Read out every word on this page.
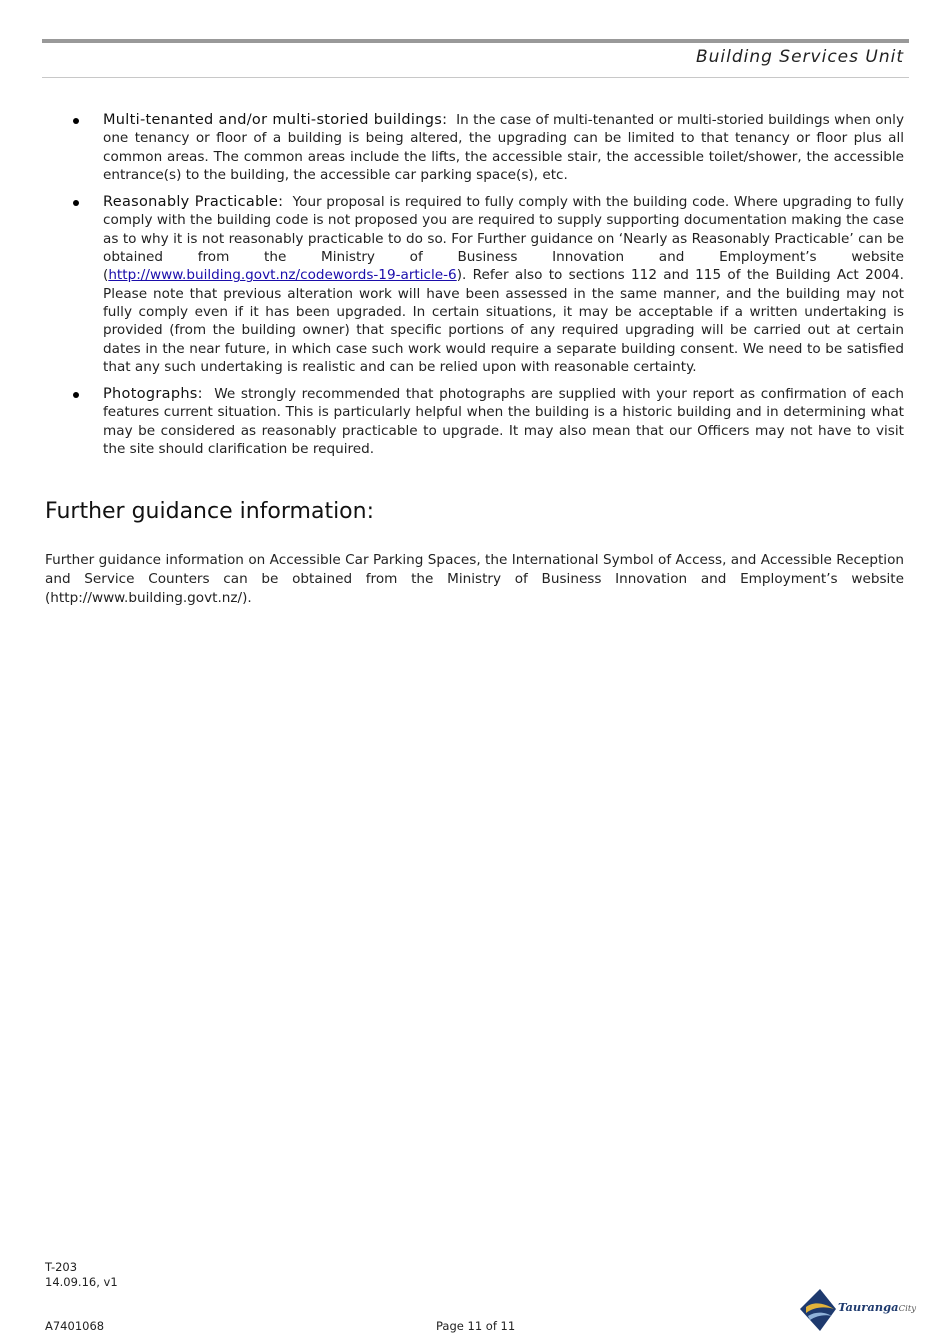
Building Services Unit
Multi-tenanted and/or multi-storied buildings: In the case of multi-tenanted or multi-storied buildings when only one tenancy or floor of a building is being altered, the upgrading can be limited to that tenancy or floor plus all common areas. The common areas include the lifts, the accessible stair, the accessible toilet/shower, the accessible entrance(s) to the building, the accessible car parking space(s), etc.
Reasonably Practicable: Your proposal is required to fully comply with the building code. Where upgrading to fully comply with the building code is not proposed you are required to supply supporting documentation making the case as to why it is not reasonably practicable to do so. For Further guidance on ‘Nearly as Reasonably Practicable’ can be obtained from the Ministry of Business Innovation and Employment’s website (http://www.building.govt.nz/codewords-19-article-6). Refer also to sections 112 and 115 of the Building Act 2004. Please note that previous alteration work will have been assessed in the same manner, and the building may not fully comply even if it has been upgraded. In certain situations, it may be acceptable if a written undertaking is provided (from the building owner) that specific portions of any required upgrading will be carried out at certain dates in the near future, in which case such work would require a separate building consent. We need to be satisfied that any such undertaking is realistic and can be relied upon with reasonable certainty.
Photographs: We strongly recommended that photographs are supplied with your report as confirmation of each features current situation. This is particularly helpful when the building is a historic building and in determining what may be considered as reasonably practicable to upgrade. It may also mean that our Officers may not have to visit the site should clarification be required.
Further guidance information:

Further guidance information on Accessible Car Parking Spaces, the International Symbol of Access, and Accessible Reception and Service Counters can be obtained from the Ministry of Business Innovation and Employment’s website (http://www.building.govt.nz/).

T-203
14.09.16, v1
A7401068	Page 11 of 11
TaurangaCity
